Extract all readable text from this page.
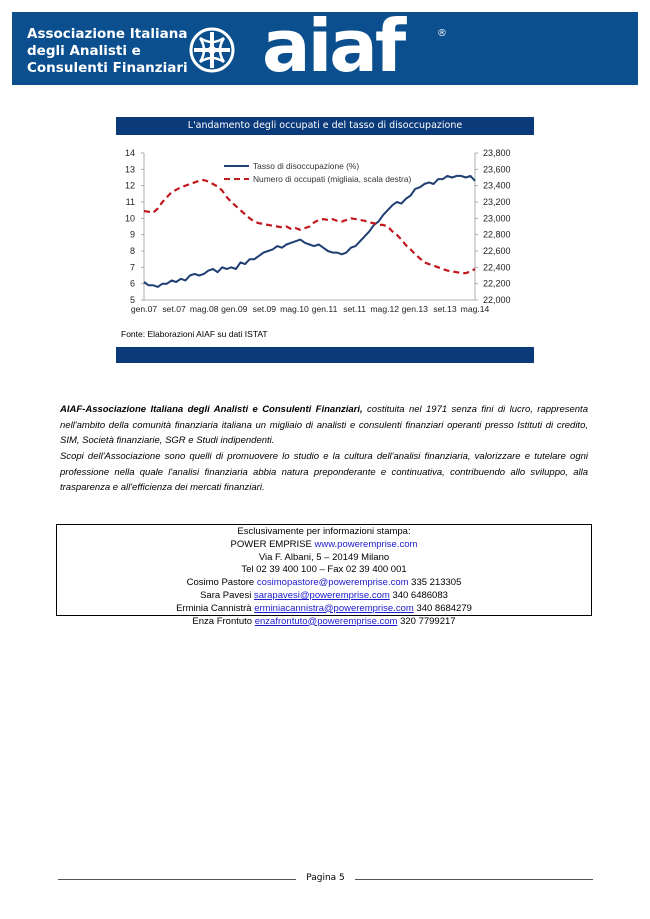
Associazione Italiana
degli Analisti e
Consulenti Finanziari aiaf	®
L'andamento degli occupati e del tasso di disoccupazione
5
6
7
8
9
10
11
12
13
14
22,000
22,200
22,400
22,600
22,800
23,000
23,200
23,400
23,600
23,800
gen.07 set.07 mag.08 gen.09 set.09 mag.10 gen.11 set.11 mag.12 gen.13 set.13 mag.14
Tasso di disoccupazione (%)
Numero di occupati (migliaia, scala destra)
Fonte: Elaborazioni AIAF su dati ISTAT
AIAF-Associazione Italiana degli Analisti e Consulenti Finanziari, costituita nel 1971 senza fini di lucro, rappresenta nell'ambito della comunità finanziaria italiana un migliaio di analisti e consulenti finanziari operanti presso Istituti di credito, SIM, Società finanziarie, SGR e Studi indipendenti.
Scopi dell'Associazione sono quelli di promuovere lo studio e la cultura dell'analisi finanziaria, valorizzare e tutelare ogni professione nella quale l'analisi finanziaria abbia natura preponderante e continuativa, contribuendo allo sviluppo, alla trasparenza e all'efficienza dei mercati finanziari.
Esclusivamente per informazioni stampa:
POWER EMPRISE www.poweremprise.com
Via F. Albani, 5 – 20149 Milano
Tel 02 39 400 100 – Fax 02 39 400 001
Cosimo Pastore cosimopastore@poweremprise.com 335 213305
Sara Pavesi sarapavesi@poweremprise.com 340 6486083
Erminia Cannistrà erminiacannistra@poweremprise.com 340 8684279
Enza Frontuto enzafrontuto@poweremprise.com 320 7799217
Pagina 5
